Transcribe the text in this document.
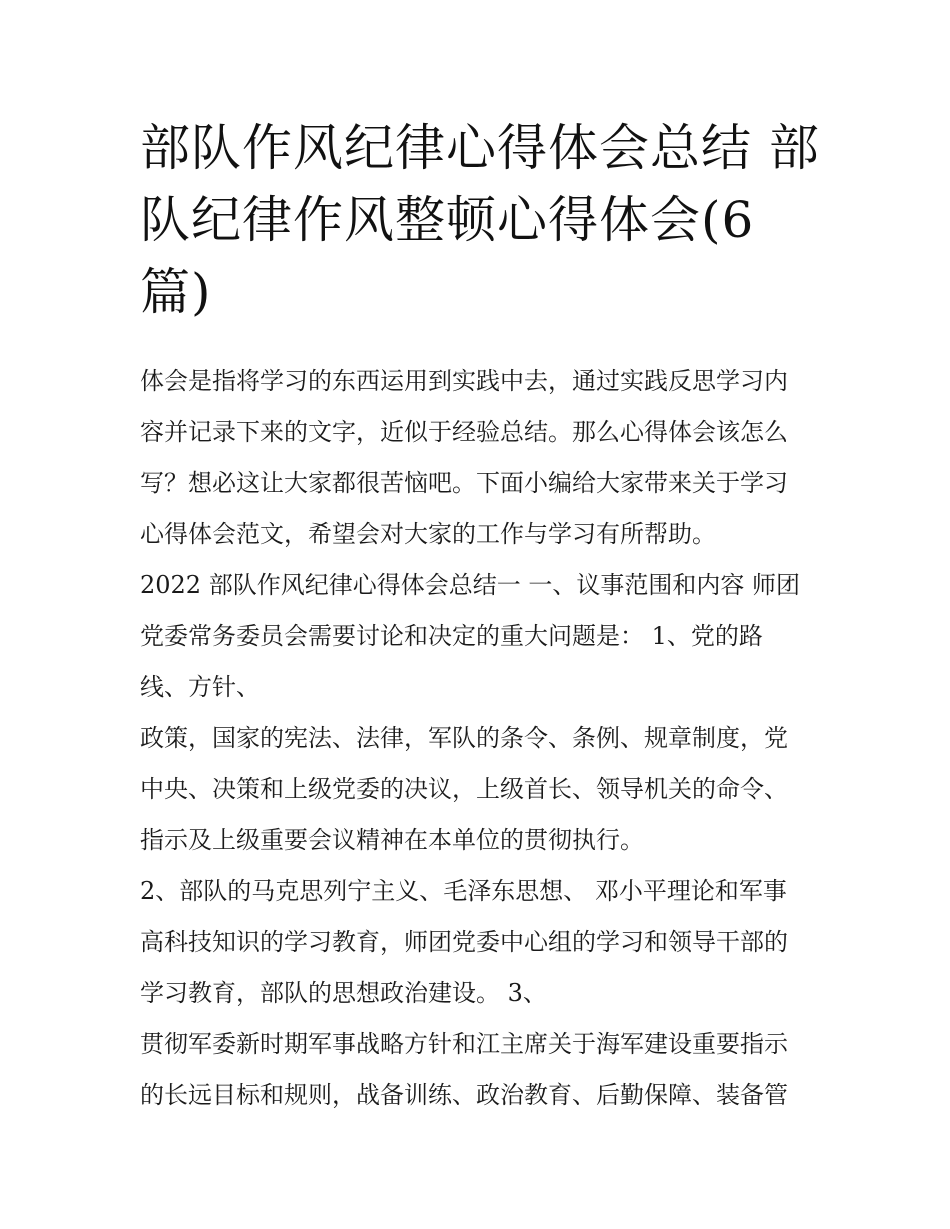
部队作风纪律心得体会总结 部
队纪律作风整顿心得体会(6
篇)
体会是指将学习的东西运用到实践中去，通过实践反思学习内
容并记录下来的文字，近似于经验总结。那么心得体会该怎么
写？想必这让大家都很苦恼吧。下面小编给大家带来关于学习
心得体会范文，希望会对大家的工作与学习有所帮助。
2022 部队作风纪律心得体会总结一 一、议事范围和内容 师团
党委常务委员会需要讨论和决定的重大问题是： 1、党的路
线、方针、
政策，国家的宪法、法律，军队的条令、条例、规章制度，党
中央、决策和上级党委的决议，上级首长、领导机关的命令、
指示及上级重要会议精神在本单位的贯彻执行。
2、部队的马克思列宁主义、毛泽东思想、 邓小平理论和军事
高科技知识的学习教育，师团党委中心组的学习和领导干部的
学习教育，部队的思想政治建设。 3、
贯彻军委新时期军事战略方针和江主席关于海军建设重要指示
的长远目标和规则，战备训练、政治教育、后勤保障、装备管
